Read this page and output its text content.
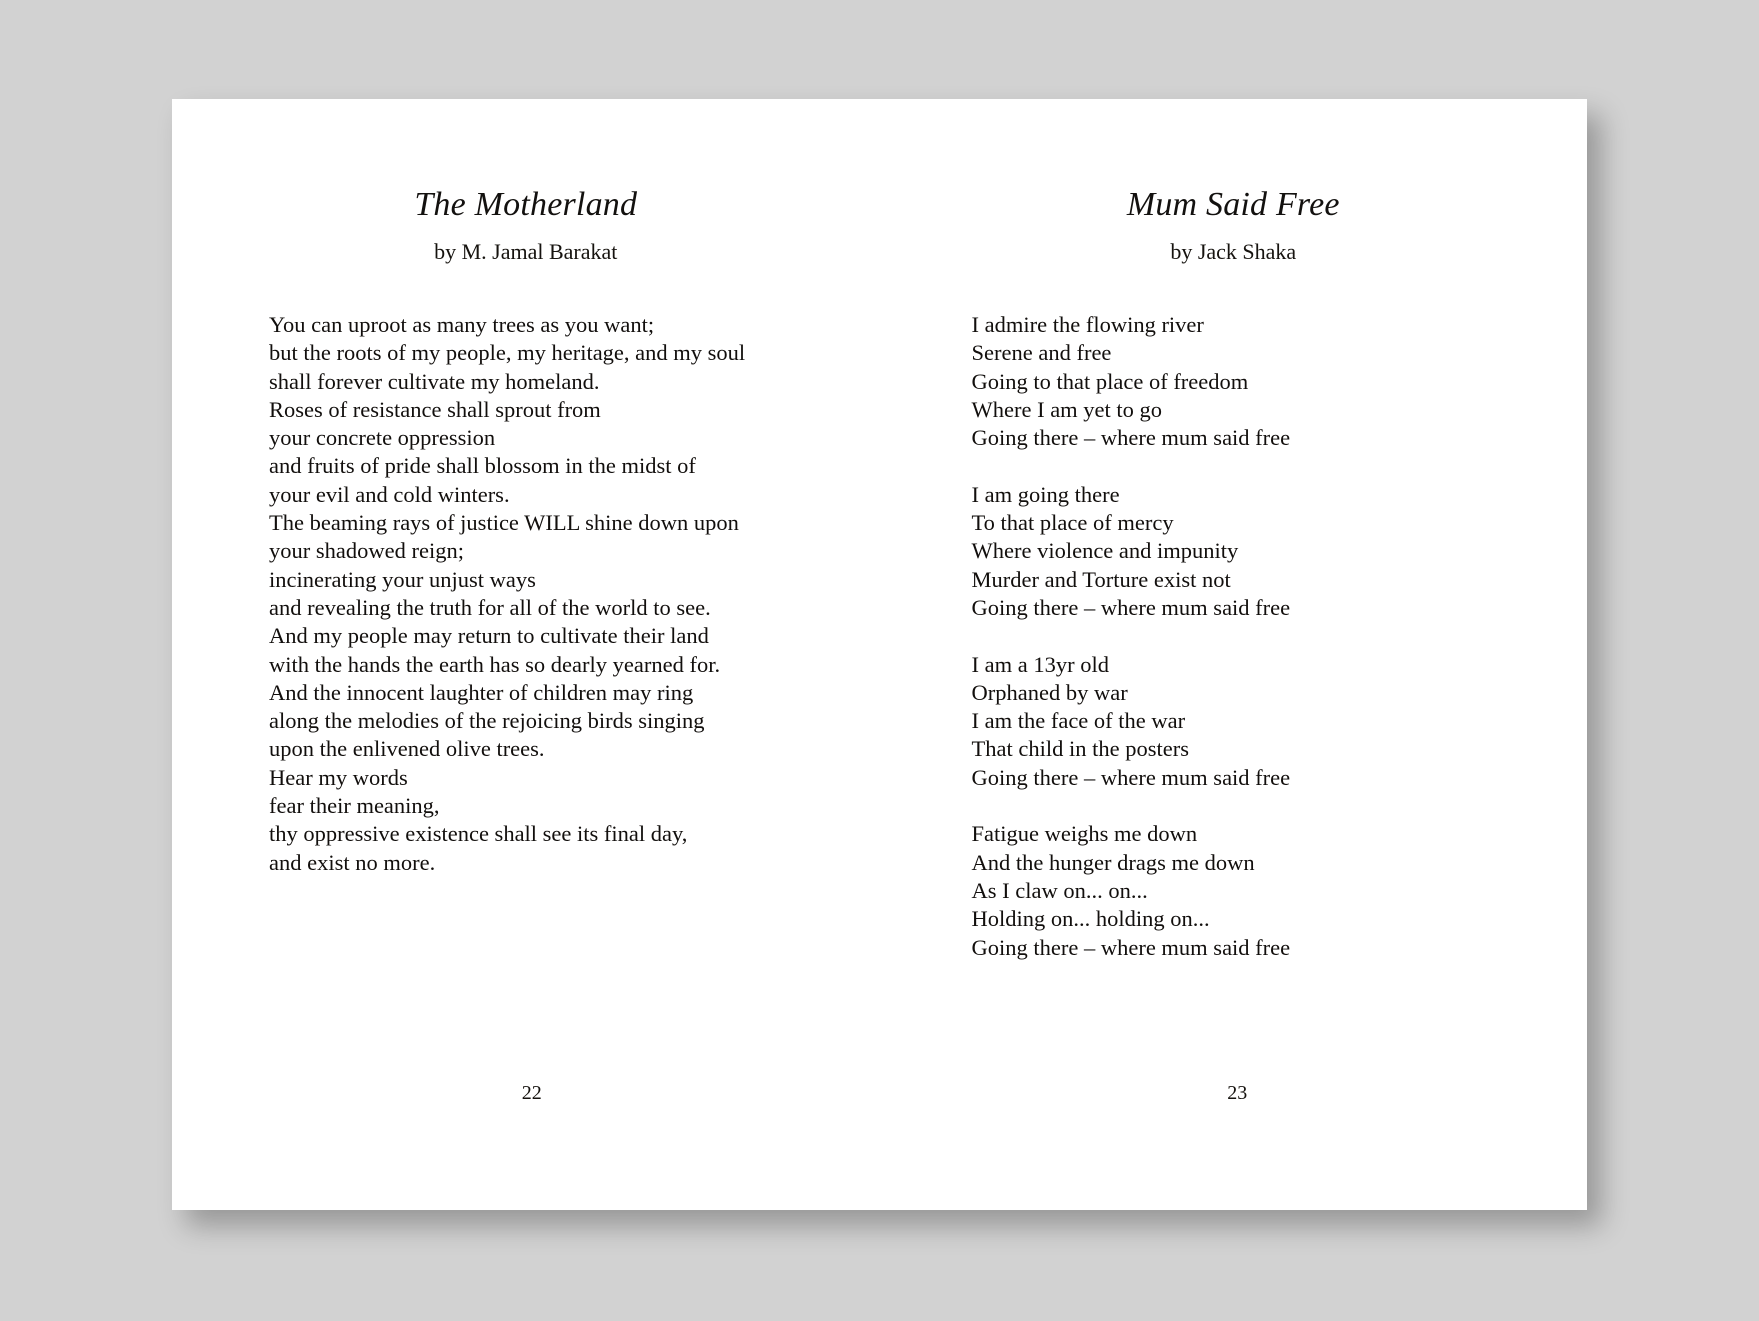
The Motherland
by M. Jamal Barakat
You can uproot as many trees as you want;
but the roots of my people, my heritage, and my soul
shall forever cultivate my homeland.
Roses of resistance shall sprout from
your concrete oppression
and fruits of pride shall blossom in the midst of
your evil and cold winters.
The beaming rays of justice WILL shine down upon
your shadowed reign;
incinerating your unjust ways
and revealing the truth for all of the world to see.
And my people may return to cultivate their land
with the hands the earth has so dearly yearned for.
And the innocent laughter of children may ring
along the melodies of the rejoicing birds singing
upon the enlivened olive trees.
Hear my words
fear their meaning,
thy oppressive existence shall see its final day,
and exist no more.
22
Mum Said Free
by Jack Shaka
I admire the flowing river
Serene and free
Going to that place of freedom
Where I am yet to go
Going there – where mum said free
I am going there
To that place of mercy
Where violence and impunity
Murder and Torture exist not
Going there – where mum said free
I am a 13yr old
Orphaned by war
I am the face of the war
That child in the posters
Going there – where mum said free
Fatigue weighs me down
And the hunger drags me down
As I claw on... on...
Holding on... holding on...
Going there – where mum said free
23
